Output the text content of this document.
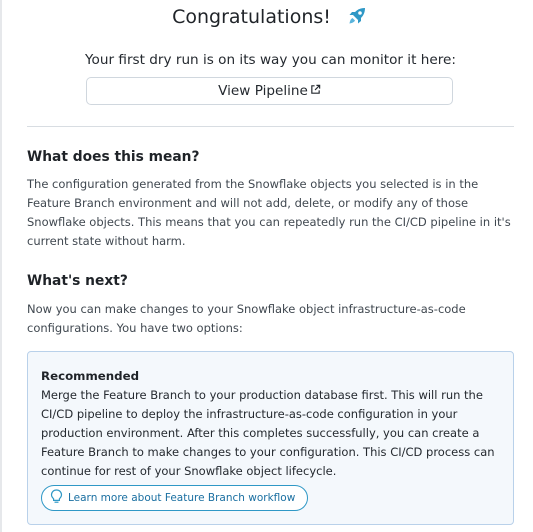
Congratulations!
Your first dry run is on its way you can monitor it here:
View Pipeline
What does this mean?
The configuration generated from the Snowflake objects you selected is in the Feature Branch environment and will not add, delete, or modify any of those Snowflake objects. This means that you can repeatedly run the CI/CD pipeline in it's current state without harm.
What's next?
Now you can make changes to your Snowflake object infrastructure-as-code configurations. You have two options:
Recommended
Merge the Feature Branch to your production database first. This will run the CI/CD pipeline to deploy the infrastructure-as-code configuration in your production environment. After this completes successfully, you can create a Feature Branch to make changes to your configuration. This CI/CD process can continue for rest of your Snowflake object lifecycle.
Learn more about Feature Branch workflow
